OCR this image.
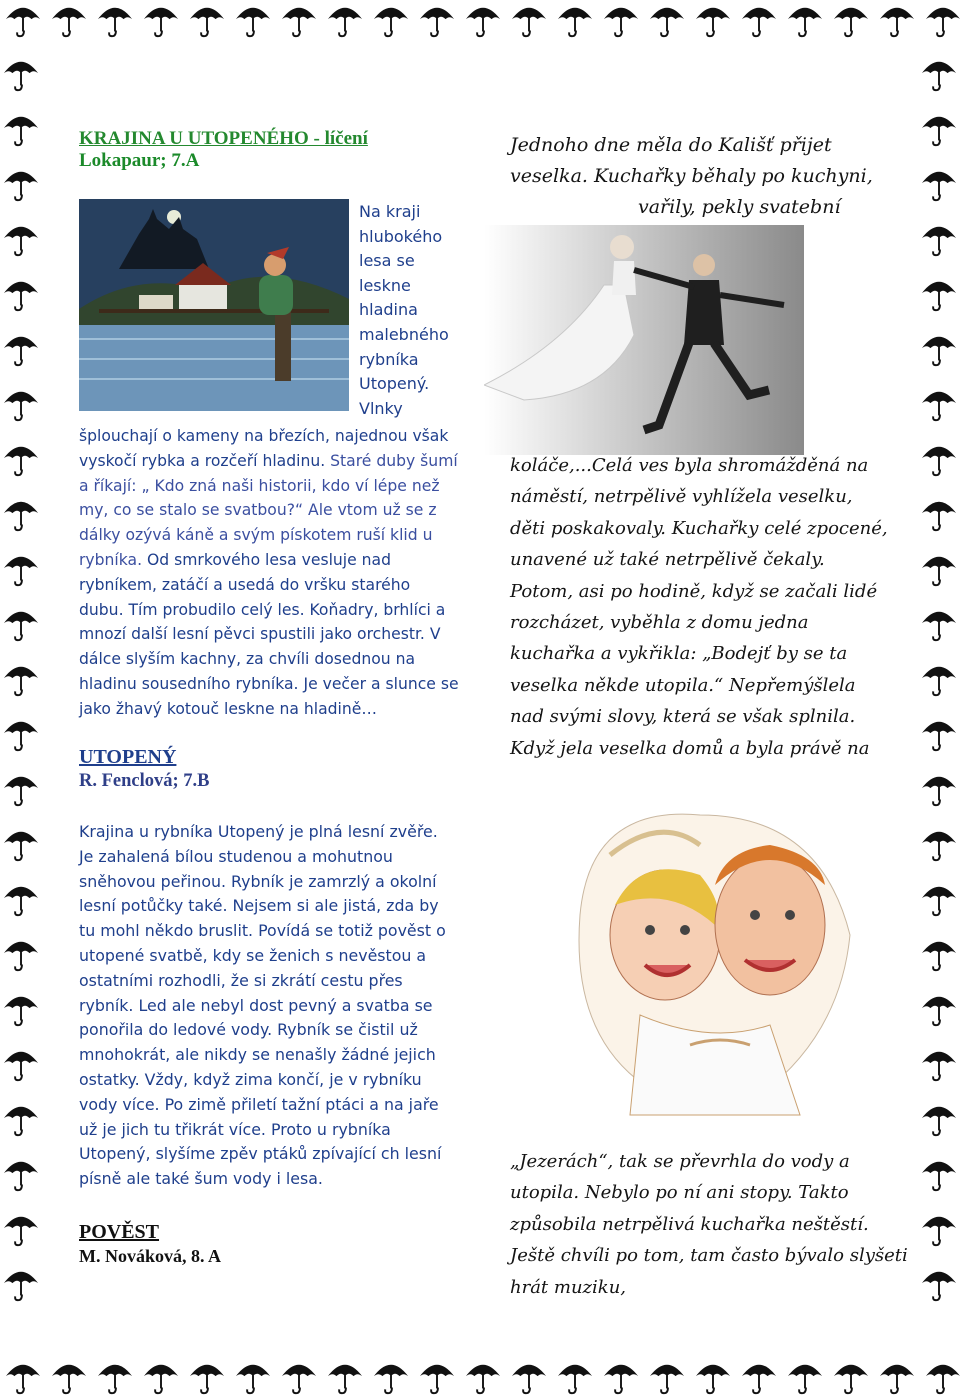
KRAJINA U UTOPENÉHO - líčení
Lokapaur; 7.A
Na kraji
hlubokého
lesa se
leskne
hladina
malebného
rybníka
Utopený.
Vlnky
šplouchají o kameny na březích, najednou však vyskočí rybka a rozčeří hladinu. Staré duby šumí a říkají: „ Kdo zná naši historii, kdo ví lépe než my, co se stalo se svatbou?“ Ale vtom už se z dálky ozývá káně a svým pískotem ruší klid u rybníka. Od smrkového lesa vesluje nad rybníkem, zatáčí a usedá do vršku starého dubu. Tím probudilo celý les. Koňadry, brhlíci a mnozí další lesní pěvci spustili jako orchestr. V dálce slyším kachny, za chvíli dosednou na hladinu sousedního rybníka. Je večer a slunce se jako žhavý kotouč leskne na hladině…
UTOPENÝ
R. Fenclová; 7.B
Krajina u rybníka Utopený je plná lesní zvěře. Je zahalená bílou studenou a mohutnou sněhovou peřinou. Rybník je zamrzlý a okolní lesní potůčky také. Nejsem si ale jistá, zda by tu mohl někdo bruslit. Povídá se totiž pověst o utopené svatbě, kdy se ženich s nevěstou a ostatními rozhodli, že si zkrátí cestu přes rybník. Led ale nebyl dost pevný a svatba se ponořila do ledové vody. Rybník se čistil už mnohokrát, ale nikdy se nenašly žádné jejich ostatky. Vždy, když zima končí, je v rybníku vody více. Po zimě přiletí tažní ptáci a na jaře už je jich tu třikrát více. Proto u rybníka Utopený, slyšíme zpěv ptáků zpívající ch lesní písně ale také šum vody i lesa.
POVĚST
M. Nováková, 8. A
Jednoho dne měla do Kališť přijet veselka. Kuchařky běhaly po kuchyni,
vařily, pekly svatební
koláče,...Celá ves byla shromážděná na náměstí, netrpělivě vyhlížela veselku, děti poskakovaly. Kuchařky celé zpocené, unavené už také netrpělivě čekaly. Potom, asi po hodině, když se začali lidé rozcházet, vyběhla z domu jedna kuchařka a vykřikla: „Bodejť by se ta veselka někde utopila.“ Nepřemýšlela nad svými slovy, která se však splnila. Když jela veselka domů a byla právě na
„Jezerách“, tak se převrhla do vody a utopila. Nebylo po ní ani stopy. Takto způsobila netrpělivá kuchařka neštěstí. Ještě chvíli po tom, tam často bývalo slyšeti hrát muziku,
